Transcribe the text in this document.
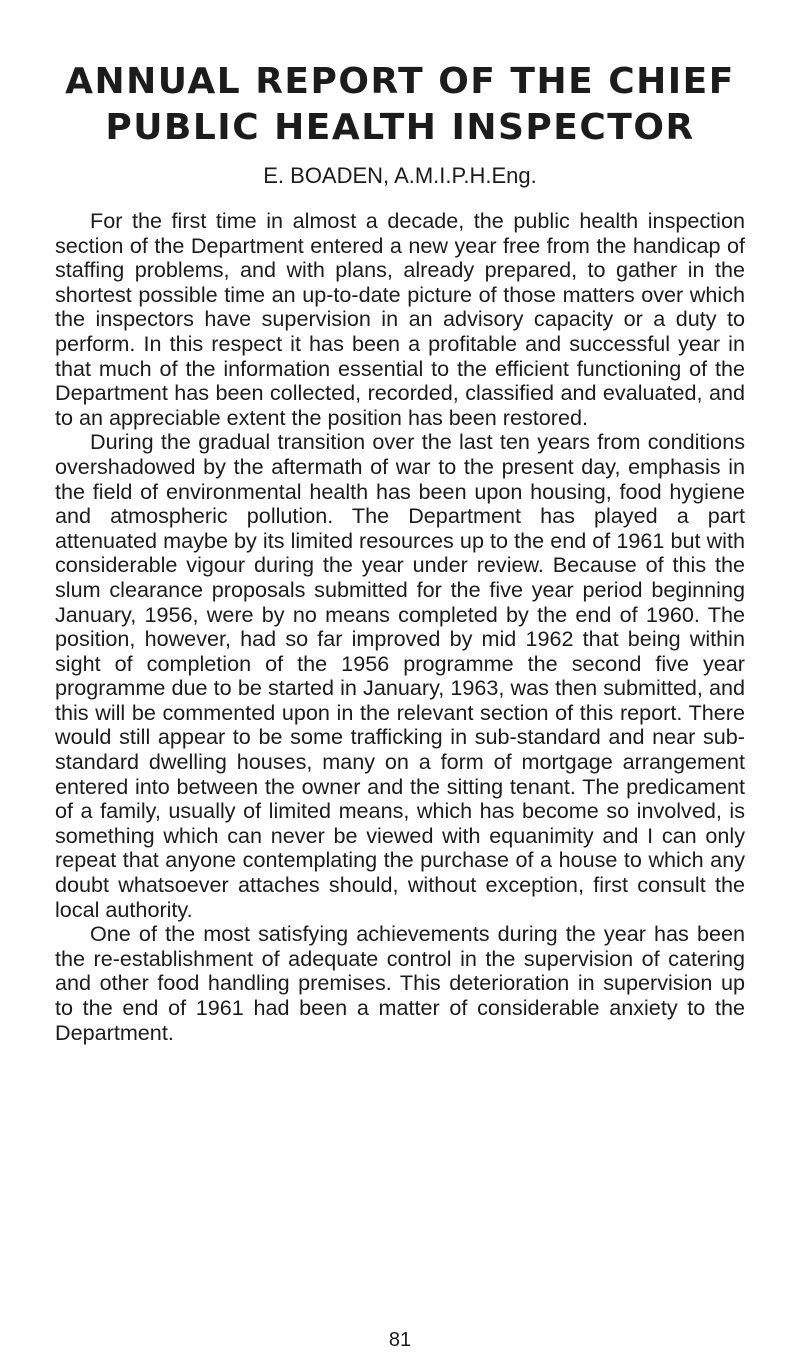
ANNUAL REPORT OF THE CHIEF
PUBLIC HEALTH INSPECTOR
E. BOADEN, A.M.I.P.H.Eng.

For the first time in almost a decade, the public health inspection section of the Department entered a new year free from the handicap of staffing problems, and with plans, already prepared, to gather in the shortest possible time an up-to-date picture of those matters over which the inspectors have supervision in an advisory capacity or a duty to perform. In this respect it has been a profitable and successful year in that much of the information essential to the efficient functioning of the Department has been collected, recorded, classified and evaluated, and to an appreciable extent the position has been restored.

During the gradual transition over the last ten years from conditions overshadowed by the aftermath of war to the present day, emphasis in the field of environmental health has been upon housing, food hygiene and atmospheric pollution. The Department has played a part attenuated maybe by its limited resources up to the end of 1961 but with considerable vigour during the year under review. Because of this the slum clearance proposals submitted for the five year period beginning January, 1956, were by no means completed by the end of 1960. The position, however, had so far improved by mid 1962 that being within sight of completion of the 1956 programme the second five year programme due to be started in January, 1963, was then submitted, and this will be commented upon in the relevant section of this report. There would still appear to be some trafficking in sub-standard and near sub-standard dwelling houses, many on a form of mortgage arrangement entered into between the owner and the sitting tenant. The predicament of a family, usually of limited means, which has become so involved, is something which can never be viewed with equanimity and I can only repeat that anyone contemplating the purchase of a house to which any doubt whatsoever attaches should, without exception, first consult the local authority.

One of the most satisfying achievements during the year has been the re-establishment of adequate control in the supervision of catering and other food handling premises. This deterioration in supervision up to the end of 1961 had been a matter of considerable anxiety to the Department.

81
